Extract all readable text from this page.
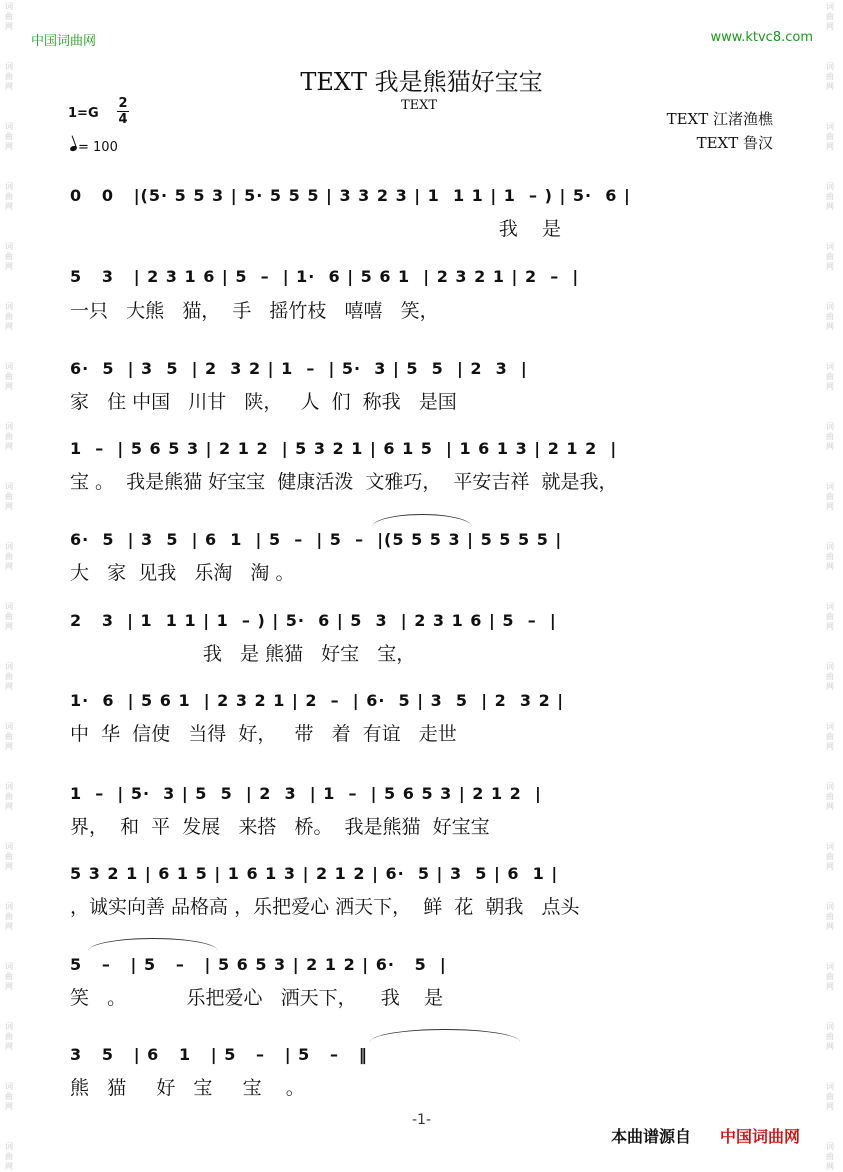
词
曲
网
词
曲
网
词
曲
网
词
曲
网
词
曲
网
词
曲
网
词
曲
网
词
曲
网
词
曲
网
词
曲
网
词
曲
网
词
曲
网
词
曲
网
词
曲
网
词
曲
网
词
曲
网
词
曲
网
词
曲
网
词
曲
网
词
曲
网
词
曲
网
词
曲
网
词
曲
网
词
曲
网
词
曲
网
词
曲
网
词
曲
网
词
曲
网
词
曲
网
词
曲
网
词
曲
网
词
曲
网
词
曲
网
词
曲
网
词
曲
网
词
曲
网
词
曲
网
词
曲
网
词
曲
网
词
曲
网
中国词曲网	www.ktvc8.com
TEXT 我是熊猫好宝宝
TEXT
1=G
2
4
= 100
TEXT 江渚渔樵
TEXT 鲁汉
0   0   |(5· 5 5 3 | 5· 5 5 5 | 3 3 2 3 | 1  1 1 | 1  – ) | 5·  6 |
我    是
5   3   | 2 3 1 6 | 5  –  | 1·  6 | 5 6 1  | 2 3 2 1 | 2  –  |
一只   大熊   猫，  手   摇竹枝   嘻嘻   笑，
6·  5  | 3  5  | 2  3 2 | 1  –  | 5·  3 | 5  5  | 2  3  |
家   住 中国   川甘   陕，   人  们  称我   是国
1  –  | 5 6 5 3 | 2 1 2  | 5 3 2 1 | 6 1 5  | 1 6 1 3 | 2 1 2  |
宝 。  我是熊猫 好宝宝  健康活泼  文雅巧，  平安吉祥  就是我，
6·  5  | 3  5  | 6  1  | 5  –  | 5  –  |(5 5 5 3 | 5 5 5 5 |
大   家  见我   乐淘   淘 。
2   3  | 1  1 1 | 1  – ) | 5·  6 | 5  3  | 2 3 1 6 | 5  –  |
我   是 熊猫   好宝   宝，
1·  6  | 5 6 1  | 2 3 2 1 | 2  –  | 6·  5 | 3  5  | 2  3 2 |
中  华  信使   当得  好，   带   着  有谊   走世
1  –  | 5·  3 | 5  5  | 2  3  | 1  –  | 5 6 5 3 | 2 1 2  |
界，  和  平  发展   来搭   桥。  我是熊猫  好宝宝
5 3 2 1 | 6 1 5 | 1 6 1 3 | 2 1 2 | 6·  5 | 3  5 | 6  1 |
，诚实向善 品格高 ，乐把爱心 洒天下，  鲜  花  朝我   点头
5   –   | 5   –   | 5 6 5 3 | 2 1 2 | 6·   5  |
笑   。          乐把爱心   洒天下，    我    是
3   5   | 6   1   | 5   –   | 5   –   ‖
熊   猫     好   宝     宝    。
-1-
本曲谱源自 中国词曲网
